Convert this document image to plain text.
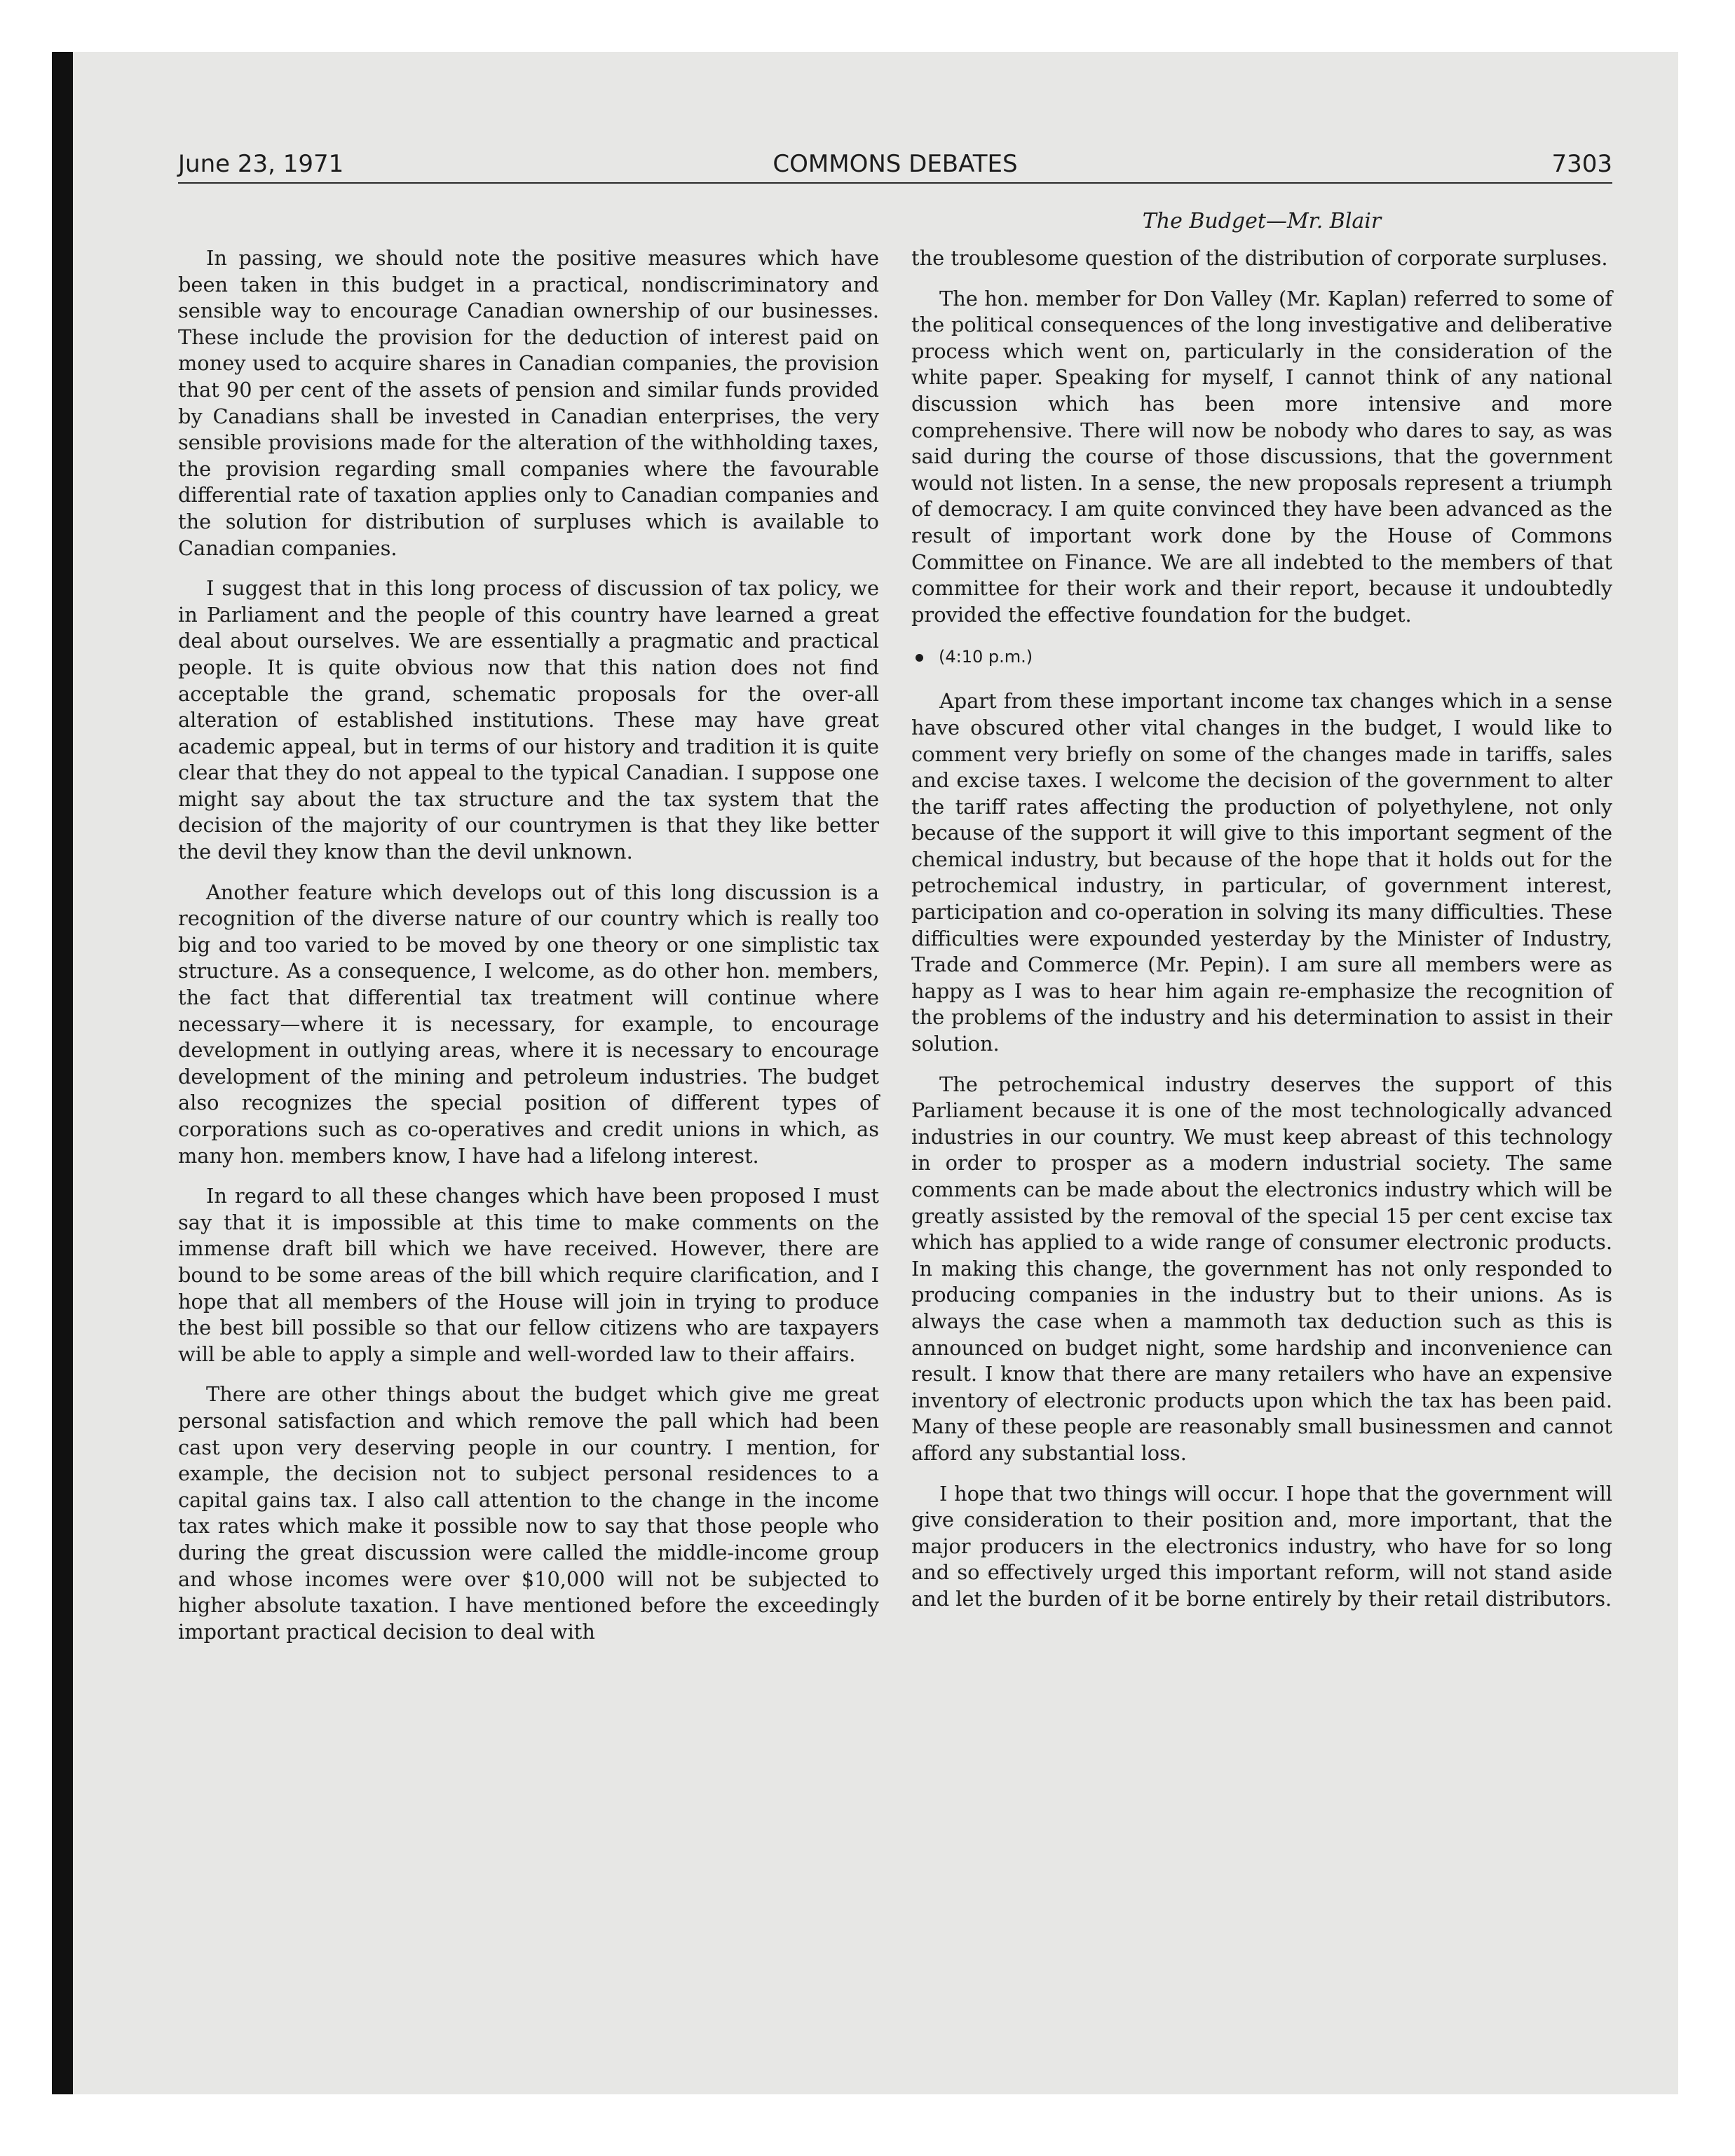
June 23, 1971	COMMONS DEBATES	7303
The Budget—Mr. Blair

In passing, we should note the positive measures which have been taken in this budget in a practical, nondiscriminatory and sensible way to encourage Canadian ownership of our businesses. These include the provision for the deduction of interest paid on money used to acquire shares in Canadian companies, the provision that 90 per cent of the assets of pension and similar funds provided by Canadians shall be invested in Canadian enterprises, the very sensible provisions made for the alteration of the withholding taxes, the provision regarding small companies where the favourable differential rate of taxation applies only to Canadian companies and the solution for distribution of surpluses which is available to Canadian companies.

I suggest that in this long process of discussion of tax policy, we in Parliament and the people of this country have learned a great deal about ourselves. We are essentially a pragmatic and practical people. It is quite obvious now that this nation does not find acceptable the grand, schematic proposals for the over-all alteration of established institutions. These may have great academic appeal, but in terms of our history and tradition it is quite clear that they do not appeal to the typical Canadian. I suppose one might say about the tax structure and the tax system that the decision of the majority of our countrymen is that they like better the devil they know than the devil unknown.

Another feature which develops out of this long discussion is a recognition of the diverse nature of our country which is really too big and too varied to be moved by one theory or one simplistic tax structure. As a consequence, I welcome, as do other hon. members, the fact that differential tax treatment will continue where necessary—where it is necessary, for example, to encourage development in outlying areas, where it is necessary to encourage development of the mining and petroleum industries. The budget also recognizes the special position of different types of corporations such as co-operatives and credit unions in which, as many hon. members know, I have had a lifelong interest.

In regard to all these changes which have been proposed I must say that it is impossible at this time to make comments on the immense draft bill which we have received. However, there are bound to be some areas of the bill which require clarification, and I hope that all members of the House will join in trying to produce the best bill possible so that our fellow citizens who are taxpayers will be able to apply a simple and well-worded law to their affairs.

There are other things about the budget which give me great personal satisfaction and which remove the pall which had been cast upon very deserving people in our country. I mention, for example, the decision not to subject personal residences to a capital gains tax. I also call attention to the change in the income tax rates which make it possible now to say that those people who during the great discussion were called the middle-income group and whose incomes were over $10,000 will not be subjected to higher absolute taxation. I have mentioned before the exceedingly important practical decision to deal with

the troublesome question of the distribution of corporate surpluses.

The hon. member for Don Valley (Mr. Kaplan) referred to some of the political consequences of the long investigative and deliberative process which went on, particularly in the consideration of the white paper. Speaking for myself, I cannot think of any national discussion which has been more intensive and more comprehensive. There will now be nobody who dares to say, as was said during the course of those discussions, that the government would not listen. In a sense, the new proposals represent a triumph of democracy. I am quite convinced they have been advanced as the result of important work done by the House of Commons Committee on Finance. We are all indebted to the members of that committee for their work and their report, because it undoubtedly provided the effective foundation for the budget.

(4:10 p.m.)

Apart from these important income tax changes which in a sense have obscured other vital changes in the budget, I would like to comment very briefly on some of the changes made in tariffs, sales and excise taxes. I welcome the decision of the government to alter the tariff rates affecting the production of polyethylene, not only because of the support it will give to this important segment of the chemical industry, but because of the hope that it holds out for the petrochemical industry, in particular, of government interest, participation and co-operation in solving its many difficulties. These difficulties were expounded yesterday by the Minister of Industry, Trade and Commerce (Mr. Pepin). I am sure all members were as happy as I was to hear him again re-emphasize the recognition of the problems of the industry and his determination to assist in their solution.

The petrochemical industry deserves the support of this Parliament because it is one of the most technologically advanced industries in our country. We must keep abreast of this technology in order to prosper as a modern industrial society. The same comments can be made about the electronics industry which will be greatly assisted by the removal of the special 15 per cent excise tax which has applied to a wide range of consumer electronic products. In making this change, the government has not only responded to producing companies in the industry but to their unions. As is always the case when a mammoth tax deduction such as this is announced on budget night, some hardship and inconvenience can result. I know that there are many retailers who have an expensive inventory of electronic products upon which the tax has been paid. Many of these people are reasonably small businessmen and cannot afford any substantial loss.

I hope that two things will occur. I hope that the government will give consideration to their position and, more important, that the major producers in the electronics industry, who have for so long and so effectively urged this important reform, will not stand aside and let the burden of it be borne entirely by their retail distributors.
